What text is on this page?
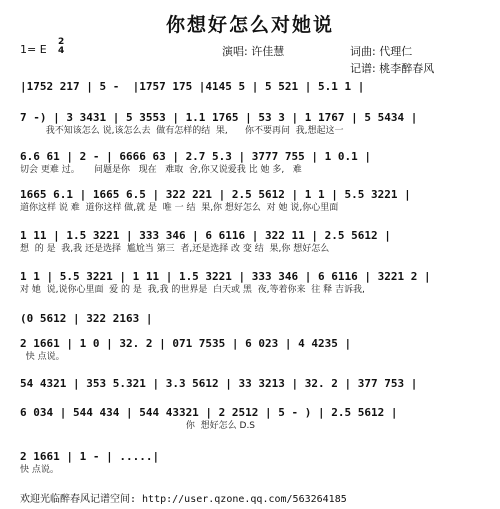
你想好怎么对她说
1= E
2
4	演唱: 许佳慧	词曲: 代理仁
记谱: 桃李醉春风
|1752 217 | 5 -  |1757 175 |4145 5 | 5 521 | 5.1 1 |
7 -) | 3 3431 | 5 3553 | 1.1 1765 | 53 3 | 1 1767 | 5 5434 |
我不知该怎么 说,该怎么去  做有怎样的结  果,      你不要再问  我,想起这一
6.6 61 | 2 - | 6666 63 | 2.7 5.3 | 3777 755 | 1 0.1 |
切会 更难 过。     问题是你   现在   难取  舍,你又说爱我 比 她 多,   难
1665 6.1 | 1665 6.5 | 322 221 | 2.5 5612 | 1 1 | 5.5 3221 |
道你这样 说 难  道你这样 做,就 是  唯 一 结  果,你 想好怎么  对 她 说,你心里面
1 11 | 1.5 3221 | 333 346 | 6 6116 | 322 11 | 2.5 5612 |
想  的 是  我,我 还是选择  尴尬当 第三  者,还是选择 改 变 结  果,你 想好怎么
1 1 | 5.5 3221 | 1 11 | 1.5 3221 | 333 346 | 6 6116 | 3221 2 |
对 她  说,说你心里面  爱 的 是  我,我 的世界是  白天或 黑  夜,等着你来  往 释 吉诉我,
(0 5612 | 322 2163 |
2 1661 | 1 0 | 32. 2 | 071 7535 | 6 023 | 4 4235 |
快 点说。
54 4321 | 353 5.321 | 3.3 5612 | 33 3213 | 32. 2 | 377 753 |
6 034 | 544 434 | 544 43321 | 2 2512 | 5 - ) | 2.5 5612 |
你  想好怎么 D.S
2 1661 | 1 - | .....|
快 点说。
欢迎光临醉春风记谱空间: http://user.qzone.qq.com/563264185
